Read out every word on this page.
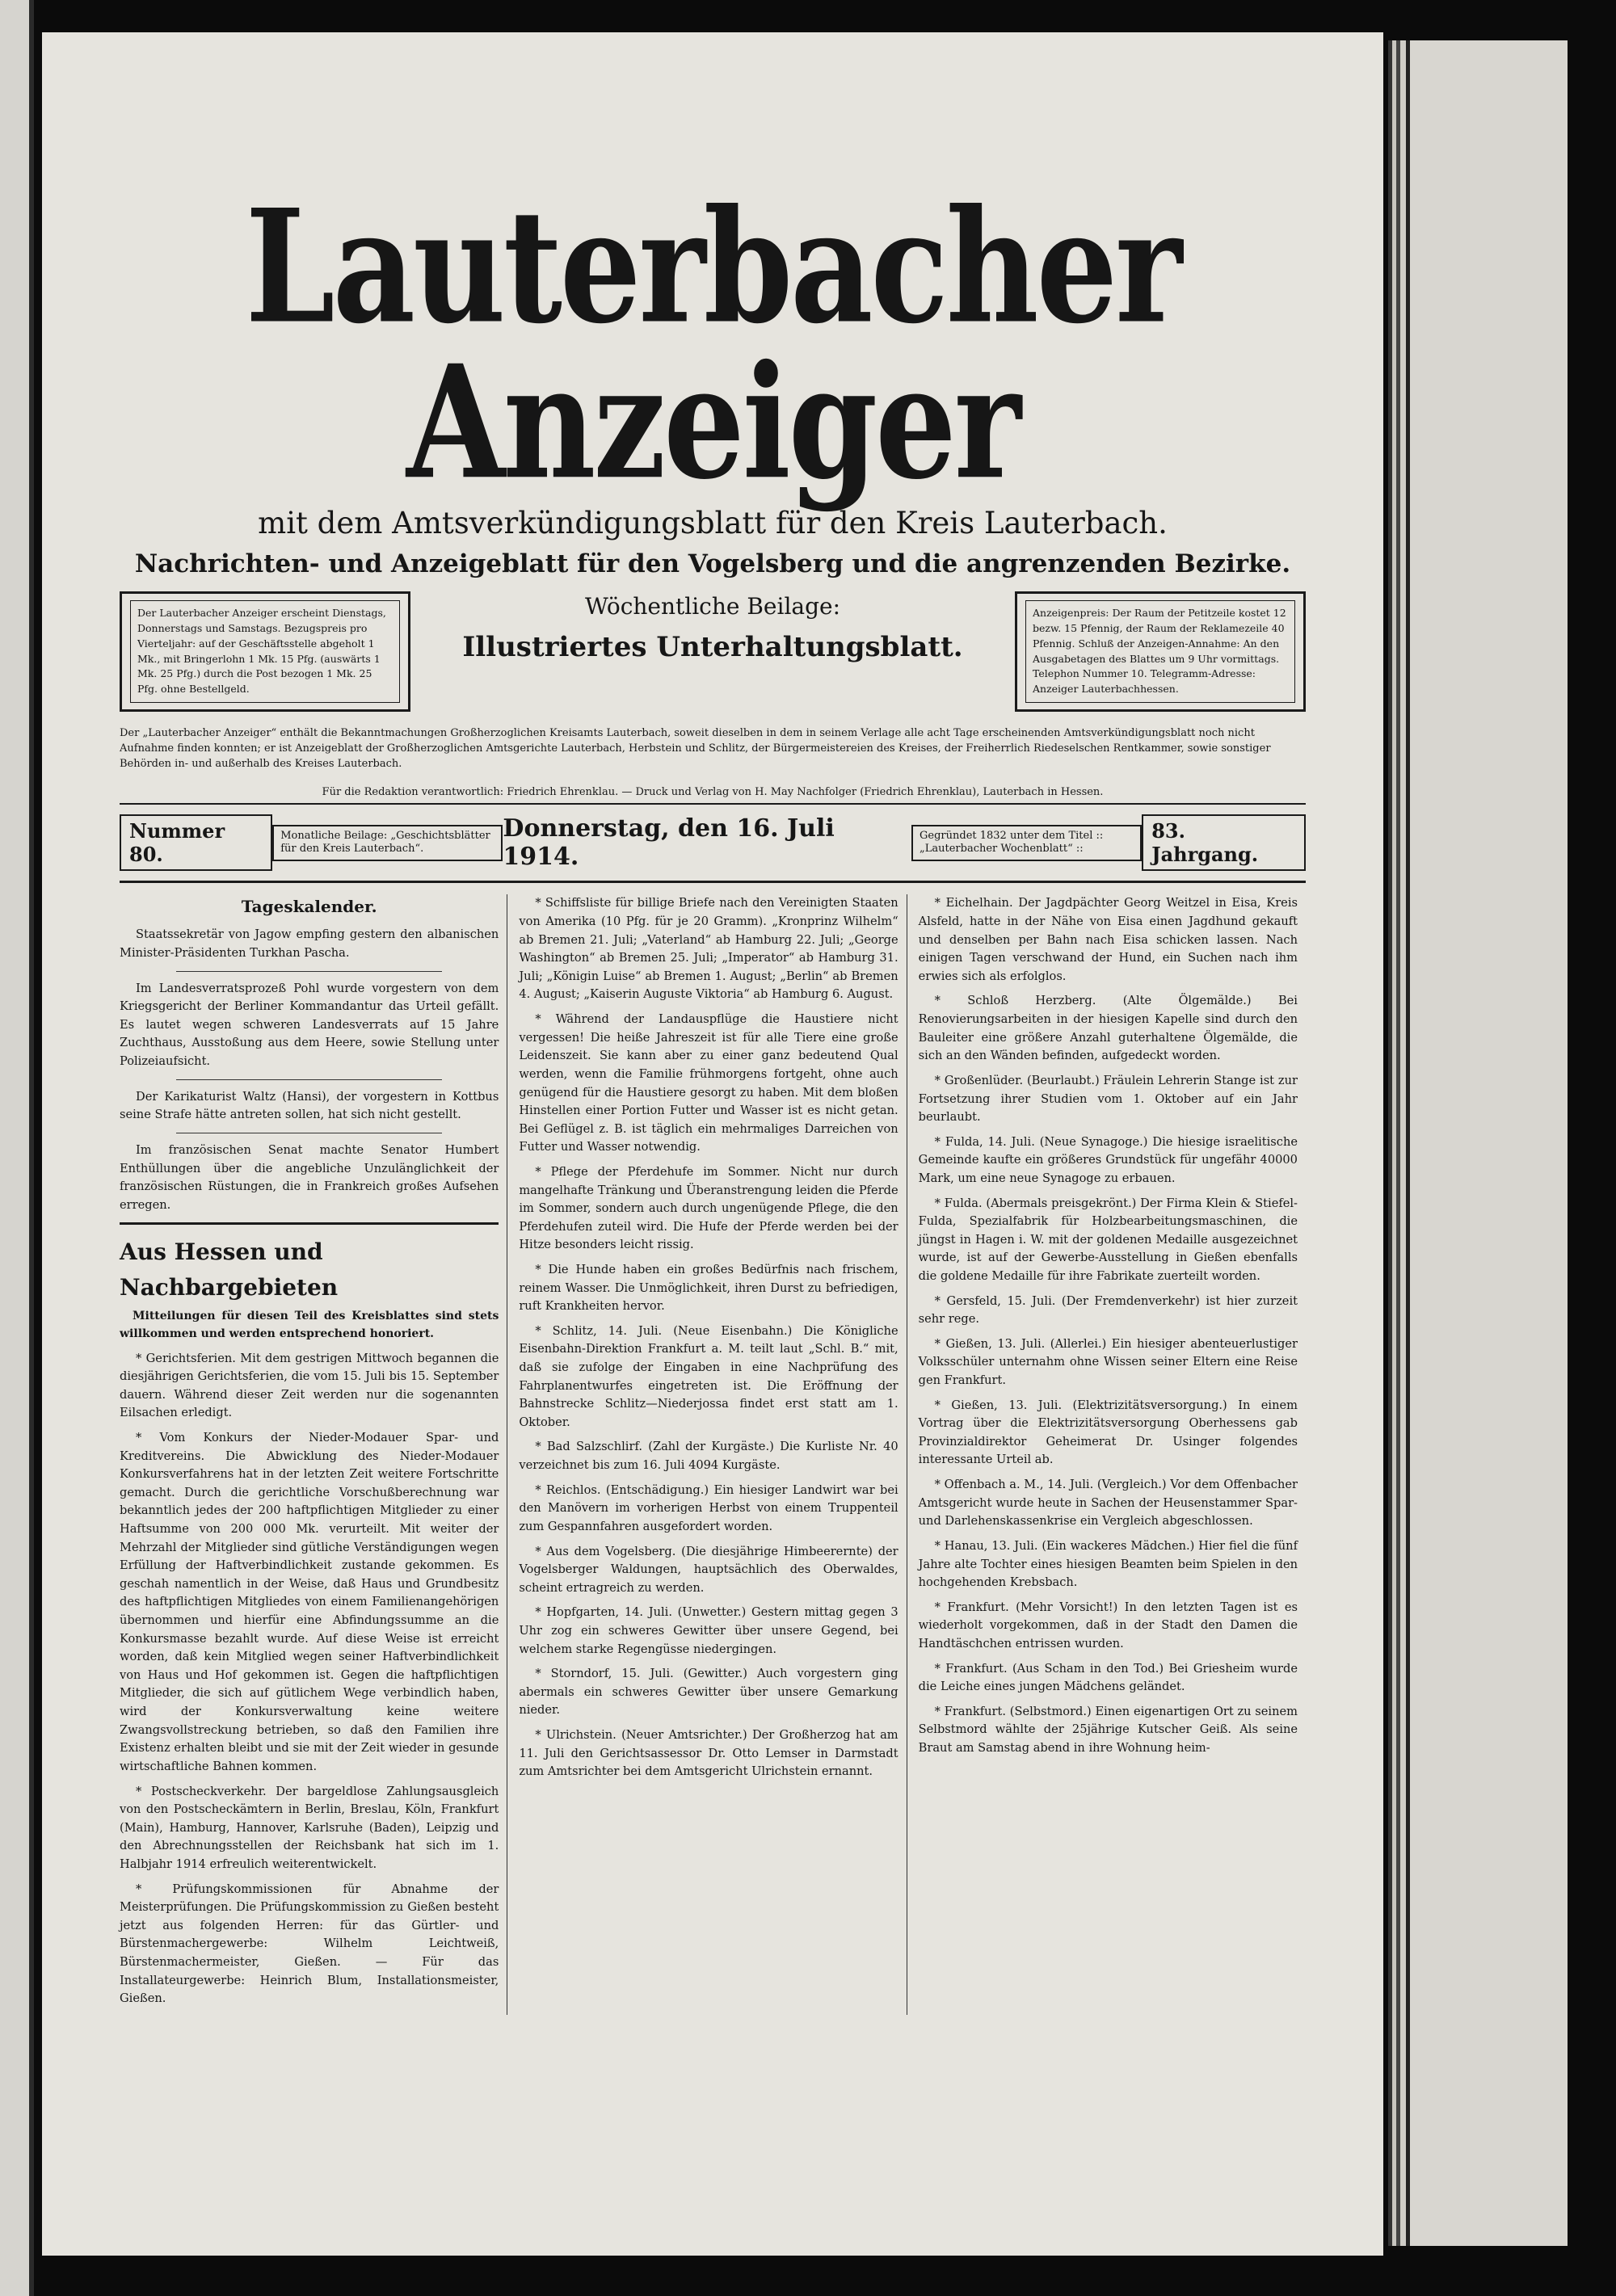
Lauterbacher Anzeiger
mit dem Amtsverkündigungsblatt für den Kreis Lauterbach.
Nachrichten- und Anzeigeblatt für den Vogelsberg und die angrenzenden Bezirke.
Der Lauterbacher Anzeiger erscheint Dienstags, Donnerstags und Samstags. Bezugspreis pro Vierteljahr: auf der Geschäftsstelle abgeholt 1 Mk., mit Bringerlohn 1 Mk. 15 Pfg. (auswärts 1 Mk. 25 Pfg.) durch die Post bezogen 1 Mk. 25 Pfg. ohne Bestellgeld.
Wöchentliche Beilage:
Illustriertes Unterhaltungsblatt.
Anzeigenpreis: Der Raum der Petitzeile kostet 12 bezw. 15 Pfennig, der Raum der Reklamezeile 40 Pfennig. Schluß der Anzeigen-Annahme: An den Ausgabetagen des Blattes um 9 Uhr vormittags. Telephon Nummer 10. Telegramm-Adresse: Anzeiger Lauterbachhessen.
Der „Lauterbacher Anzeiger“ enthält die Bekanntmachungen Großherzoglichen Kreisamts Lauterbach, soweit dieselben in dem in seinem Verlage alle acht Tage erscheinenden Amtsverkündigungsblatt noch nicht Aufnahme finden konnten; er ist Anzeigeblatt der Großherzoglichen Amtsgerichte Lauterbach, Herbstein und Schlitz, der Bürgermeistereien des Kreises, der Freiherrlich Riedeselschen Rentkammer, sowie sonstiger Behörden in- und außerhalb des Kreises Lauterbach.
Für die Redaktion verantwortlich: Friedrich Ehrenklau. — Druck und Verlag von H. May Nachfolger (Friedrich Ehrenklau), Lauterbach in Hessen.
Nummer 80.
Monatliche Beilage: „Geschichtsblätter für den Kreis Lauterbach“.
Donnerstag, den 16. Juli 1914.
Gegründet 1832 unter dem Titel :: „Lauterbacher Wochenblatt“ ::
83. Jahrgang.
Tageskalender.

Staatssekretär von Jagow empfing gestern den albanischen Minister-Präsidenten Turkhan Pascha.

Im Landesverratsprozeß Pohl wurde vorgestern von dem Kriegsgericht der Berliner Kommandantur das Urteil gefällt. Es lautet wegen schweren Landesverrats auf 15 Jahre Zuchthaus, Ausstoßung aus dem Heere, sowie Stellung unter Polizeiaufsicht.

Der Karikaturist Waltz (Hansi), der vorgestern in Kottbus seine Strafe hätte antreten sollen, hat sich nicht gestellt.

Im französischen Senat machte Senator Humbert Enthüllungen über die angebliche Unzulänglichkeit der französischen Rüstungen, die in Frankreich großes Aufsehen erregen.

Aus Hessen und Nachbargebieten
Mitteilungen für diesen Teil des Kreisblattes sind stets willkommen und werden entsprechend honoriert.

* Gerichtsferien. Mit dem gestrigen Mittwoch begannen die diesjährigen Gerichtsferien, die vom 15. Juli bis 15. September dauern. Während dieser Zeit werden nur die sogenannten Eilsachen erledigt.

* Vom Konkurs der Nieder-Modauer Spar- und Kreditvereins. Die Abwicklung des Nieder-Modauer Konkursverfahrens hat in der letzten Zeit weitere Fortschritte gemacht. Durch die gerichtliche Vorschußberechnung war bekanntlich jedes der 200 haftpflichtigen Mitglieder zu einer Haftsumme von 200 000 Mk. verurteilt. Mit weiter der Mehrzahl der Mitglieder sind gütliche Verständigungen wegen Erfüllung der Haftverbindlichkeit zustande gekommen. Es geschah namentlich in der Weise, daß Haus und Grundbesitz des haftpflichtigen Mitgliedes von einem Familienangehörigen übernommen und hierfür eine Abfindungssumme an die Konkursmasse bezahlt wurde. Auf diese Weise ist erreicht worden, daß kein Mitglied wegen seiner Haftverbindlichkeit von Haus und Hof gekommen ist. Gegen die haftpflichtigen Mitglieder, die sich auf gütlichem Wege verbindlich haben, wird der Konkursverwaltung keine weitere Zwangsvollstreckung betrieben, so daß den Familien ihre Existenz erhalten bleibt und sie mit der Zeit wieder in gesunde wirtschaftliche Bahnen kommen.

* Postscheckverkehr. Der bargeldlose Zahlungsausgleich von den Postscheckämtern in Berlin, Breslau, Köln, Frankfurt (Main), Hamburg, Hannover, Karlsruhe (Baden), Leipzig und den Abrechnungsstellen der Reichsbank hat sich im 1. Halbjahr 1914 erfreulich weiterentwickelt.

* Prüfungskommissionen für Abnahme der Meisterprüfungen. Die Prüfungskommission zu Gießen besteht jetzt aus folgenden Herren: für das Gürtler- und Bürstenmachergewerbe: Wilhelm Leichtweiß, Bürstenmachermeister, Gießen. — Für das Installateurgewerbe: Heinrich Blum, Installationsmeister, Gießen.

* Schiffsliste für billige Briefe nach den Vereinigten Staaten von Amerika (10 Pfg. für je 20 Gramm). „Kronprinz Wilhelm“ ab Bremen 21. Juli; „Vaterland“ ab Hamburg 22. Juli; „George Washington“ ab Bremen 25. Juli; „Imperator“ ab Hamburg 31. Juli; „Königin Luise“ ab Bremen 1. August; „Berlin“ ab Bremen 4. August; „Kaiserin Auguste Viktoria“ ab Hamburg 6. August.

* Während der Landauspflüge die Haustiere nicht vergessen! Die heiße Jahreszeit ist für alle Tiere eine große Leidenszeit. Sie kann aber zu einer ganz bedeutend Qual werden, wenn die Familie frühmorgens fortgeht, ohne auch genügend für die Haustiere gesorgt zu haben. Mit dem bloßen Hinstellen einer Portion Futter und Wasser ist es nicht getan. Bei Geflügel z. B. ist täglich ein mehrmaliges Darreichen von Futter und Wasser notwendig.

* Pflege der Pferdehufe im Sommer. Nicht nur durch mangelhafte Tränkung und Überanstrengung leiden die Pferde im Sommer, sondern auch durch ungenügende Pflege, die den Pferdehufen zuteil wird. Die Hufe der Pferde werden bei der Hitze besonders leicht rissig.

* Die Hunde haben ein großes Bedürfnis nach frischem, reinem Wasser. Die Unmöglichkeit, ihren Durst zu befriedigen, ruft Krankheiten hervor.

* Schlitz, 14. Juli. (Neue Eisenbahn.) Die Königliche Eisenbahn-Direktion Frankfurt a. M. teilt laut „Schl. B.“ mit, daß sie zufolge der Eingaben in eine Nachprüfung des Fahrplanentwurfes eingetreten ist. Die Eröffnung der Bahnstrecke Schlitz—Niederjossa findet erst statt am 1. Oktober.

* Bad Salzschlirf. (Zahl der Kurgäste.) Die Kurliste Nr. 40 verzeichnet bis zum 16. Juli 4094 Kurgäste.

* Reichlos. (Entschädigung.) Ein hiesiger Landwirt war bei den Manövern im vorherigen Herbst von einem Truppenteil zum Gespannfahren ausgefordert worden.

* Aus dem Vogelsberg. (Die diesjährige Himbeerernte) der Vogelsberger Waldungen, hauptsächlich des Oberwaldes, scheint ertragreich zu werden.

* Hopfgarten, 14. Juli. (Unwetter.) Gestern mittag gegen 3 Uhr zog ein schweres Gewitter über unsere Gegend, bei welchem starke Regengüsse niedergingen.

* Storndorf, 15. Juli. (Gewitter.) Auch vorgestern ging abermals ein schweres Gewitter über unsere Gemarkung nieder.

* Ulrichstein. (Neuer Amtsrichter.) Der Großherzog hat am 11. Juli den Gerichtsassessor Dr. Otto Lemser in Darmstadt zum Amtsrichter bei dem Amtsgericht Ulrichstein ernannt.

* Eichelhain. Der Jagdpächter Georg Weitzel in Eisa, Kreis Alsfeld, hatte in der Nähe von Eisa einen Jagdhund gekauft und denselben per Bahn nach Eisa schicken lassen. Nach einigen Tagen verschwand der Hund, ein Suchen nach ihm erwies sich als erfolglos.

* Schloß Herzberg. (Alte Ölgemälde.) Bei Renovierungsarbeiten in der hiesigen Kapelle sind durch den Bauleiter eine größere Anzahl guterhaltene Ölgemälde, die sich an den Wänden befinden, aufgedeckt worden.

* Großenlüder. (Beurlaubt.) Fräulein Lehrerin Stange ist zur Fortsetzung ihrer Studien vom 1. Oktober auf ein Jahr beurlaubt.

* Fulda, 14. Juli. (Neue Synagoge.) Die hiesige israelitische Gemeinde kaufte ein größeres Grundstück für ungefähr 40000 Mark, um eine neue Synagoge zu erbauen.

* Fulda. (Abermals preisgekrönt.) Der Firma Klein & Stiefel-Fulda, Spezialfabrik für Holzbearbeitungsmaschinen, die jüngst in Hagen i. W. mit der goldenen Medaille ausgezeichnet wurde, ist auf der Gewerbe-Ausstellung in Gießen ebenfalls die goldene Medaille für ihre Fabrikate zuerteilt worden.

* Gersfeld, 15. Juli. (Der Fremdenverkehr) ist hier zurzeit sehr rege.

* Gießen, 13. Juli. (Allerlei.) Ein hiesiger abenteuerlustiger Volksschüler unternahm ohne Wissen seiner Eltern eine Reise gen Frankfurt.

* Gießen, 13. Juli. (Elektrizitätsversorgung.) In einem Vortrag über die Elektrizitätsversorgung Oberhessens gab Provinzialdirektor Geheimerat Dr. Usinger folgendes interessante Urteil ab.

* Offenbach a. M., 14. Juli. (Vergleich.) Vor dem Offenbacher Amtsgericht wurde heute in Sachen der Heusenstammer Spar- und Darlehenskassenkrise ein Vergleich abgeschlossen.

* Hanau, 13. Juli. (Ein wackeres Mädchen.) Hier fiel die fünf Jahre alte Tochter eines hiesigen Beamten beim Spielen in den hochgehenden Krebsbach.

* Frankfurt. (Mehr Vorsicht!) In den letzten Tagen ist es wiederholt vorgekommen, daß in der Stadt den Damen die Handtäschchen entrissen wurden.

* Frankfurt. (Aus Scham in den Tod.) Bei Griesheim wurde die Leiche eines jungen Mädchens geländet.

* Frankfurt. (Selbstmord.) Einen eigenartigen Ort zu seinem Selbstmord wählte der 25jährige Kutscher Geiß. Als seine Braut am Samstag abend in ihre Wohnung heim-
